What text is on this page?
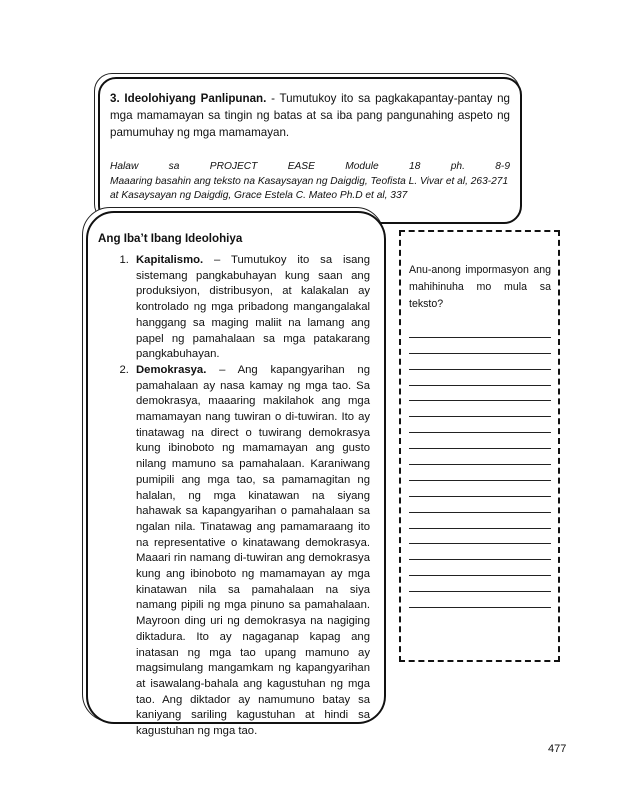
3. Ideolohiyang Panlipunan. - Tumutukoy ito sa pagkakapantay-pantay ng mga mamamayan sa tingin ng batas at sa iba pang pangunahing aspeto ng pamumuhay ng mga mamamayan.

Halaw	sa	PROJECT	EASE	Module	18	ph.	8-9
Maaaring basahin ang teksto na Kasaysayan ng Daigdig, Teofista L. Vivar et al, 263-271 at Kasaysayan ng Daigdig, Grace Estela C. Mateo Ph.D et al, 337
Ang Iba’t Ibang Ideolohiya
1. Kapitalismo. – Tumutukoy ito sa isang sistemang pangkabuhayan kung saan ang produksiyon, distribusyon, at kalakalan ay kontrolado ng mga pribadong mangangalakal hanggang sa maging maliit na lamang ang papel ng pamahalaan sa mga patakarang pangkabuhayan.
2. Demokrasya. – Ang kapangyarihan ng pamahalaan ay nasa kamay ng mga tao. Sa demokrasya, maaaring makilahok ang mga mamamayan nang tuwiran o di-tuwiran. Ito ay tinatawag na direct o tuwirang demokrasya kung ibinoboto ng mamamayan ang gusto nilang mamuno sa pamahalaan. Karaniwang pumipili ang mga tao, sa pamamagitan ng halalan, ng mga kinatawan na siyang hahawak sa kapangyarihan o pamahalaan sa ngalan nila. Tinatawag ang pamamaraang ito na representative o kinatawang demokrasya. Maaari rin namang di-tuwiran ang demokrasya kung ang ibinoboto ng mamamayan ay mga kinatawan nila sa pamahalaan na siya namang pipili ng mga pinuno sa pamahalaan. Mayroon ding uri ng demokrasya na nagiging diktadura. Ito ay nagaganap kapag ang inatasan ng mga tao upang mamuno ay magsimulang mangamkam ng kapangyarihan at isawalang-bahala ang kagustuhan ng mga tao. Ang diktador ay namumuno batay sa kaniyang sariling kagustuhan at hindi sa kagustuhan ng mga tao.

Anu-anong impormasyon ang mahihinuha mo mula sa teksto?

477
